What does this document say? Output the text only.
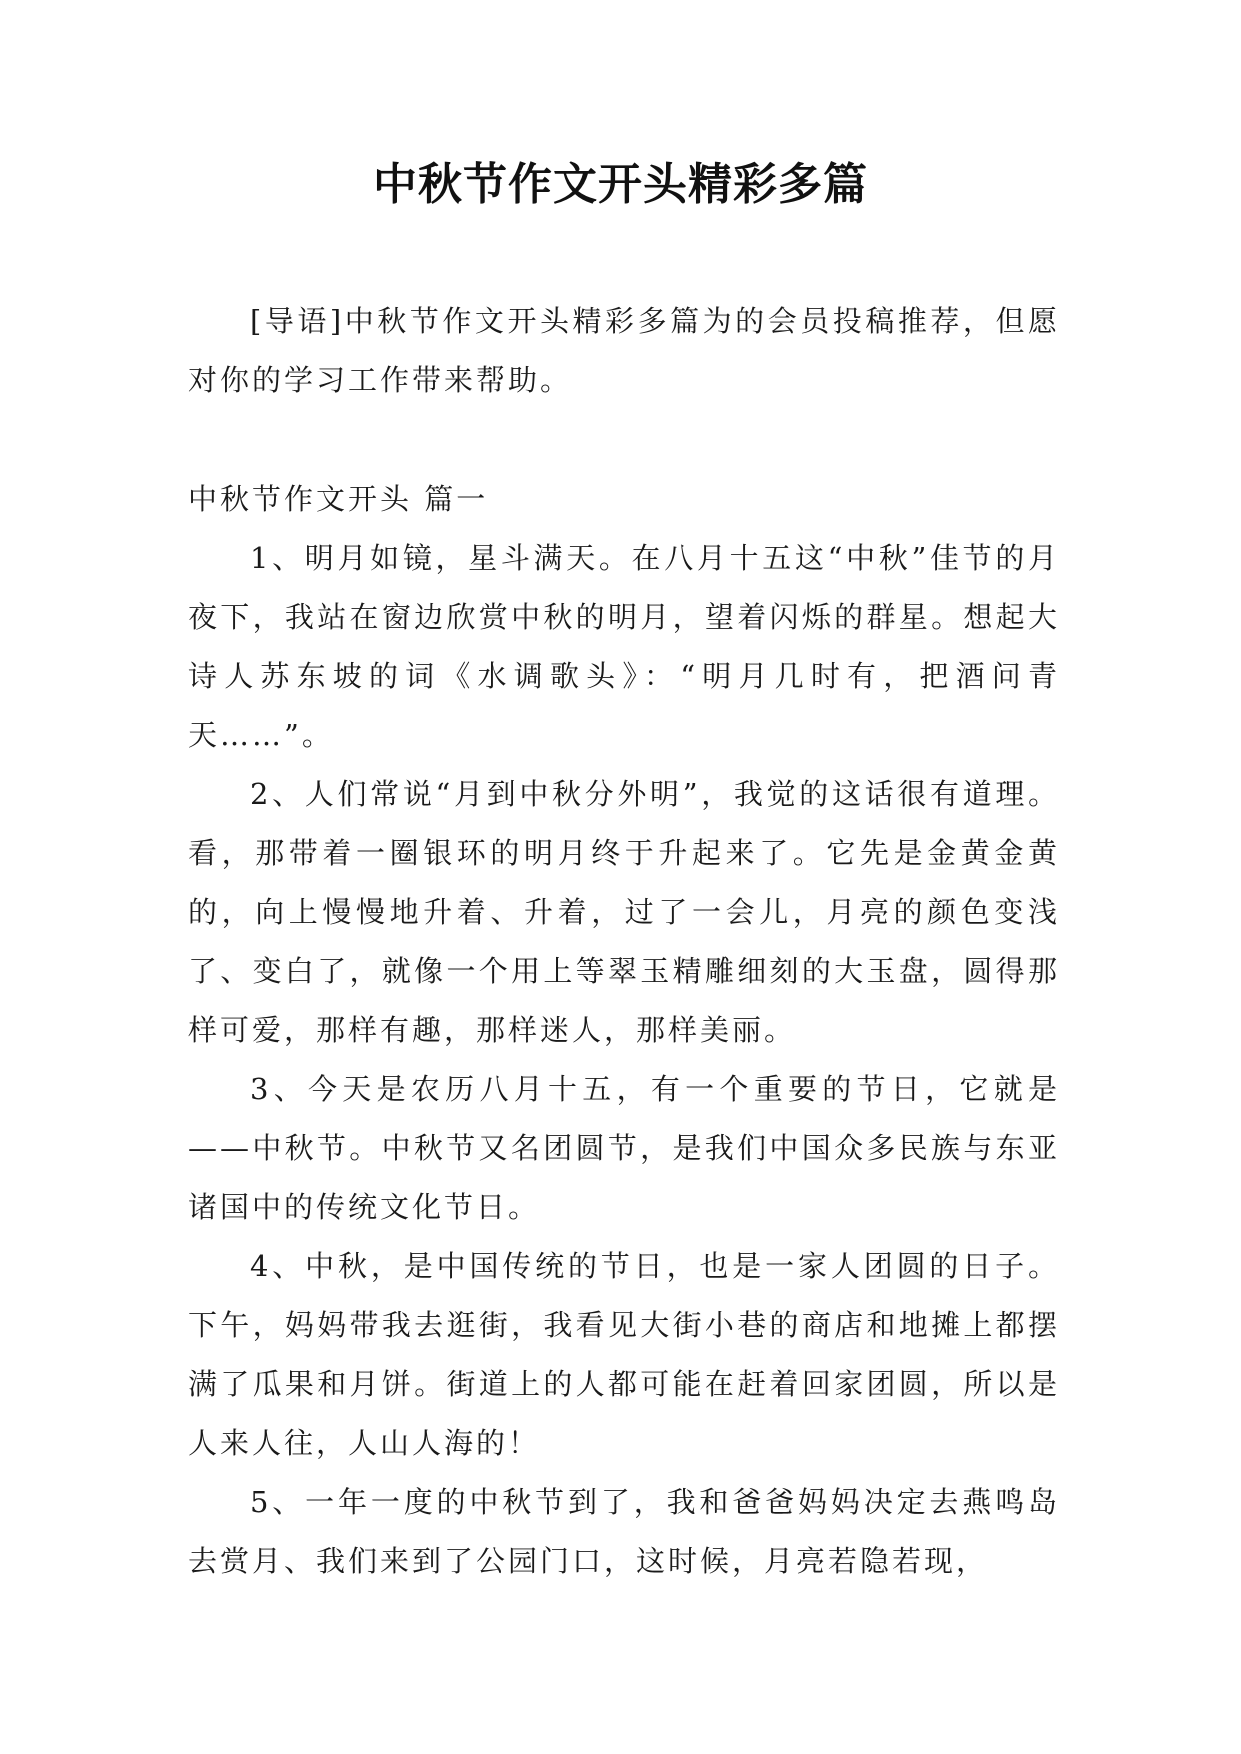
中秋节作文开头精彩多篇

[导语]中秋节作文开头精彩多篇为的会员投稿推荐，但愿对你的学习工作带来帮助。

中秋节作文开头 篇一

1、明月如镜，星斗满天。在八月十五这“中秋”佳节的月夜下，我站在窗边欣赏中秋的明月，望着闪烁的群星。想起大诗人苏东坡的词《水调歌头》：“明月几时有，把酒问青天……”。

2、人们常说“月到中秋分外明”，我觉的这话很有道理。看，那带着一圈银环的明月终于升起来了。它先是金黄金黄的，向上慢慢地升着、升着，过了一会儿，月亮的颜色变浅了、变白了，就像一个用上等翠玉精雕细刻的大玉盘，圆得那样可爱，那样有趣，那样迷人，那样美丽。

3、今天是农历八月十五，有一个重要的节日，它就是——中秋节。中秋节又名团圆节，是我们中国众多民族与东亚诸国中的传统文化节日。

4、中秋，是中国传统的节日，也是一家人团圆的日子。下午，妈妈带我去逛街，我看见大街小巷的商店和地摊上都摆满了瓜果和月饼。街道上的人都可能在赶着回家团圆，所以是人来人往，人山人海的！

5、一年一度的中秋节到了，我和爸爸妈妈决定去燕鸣岛去赏月、我们来到了公园门口，这时候，月亮若隐若现，
